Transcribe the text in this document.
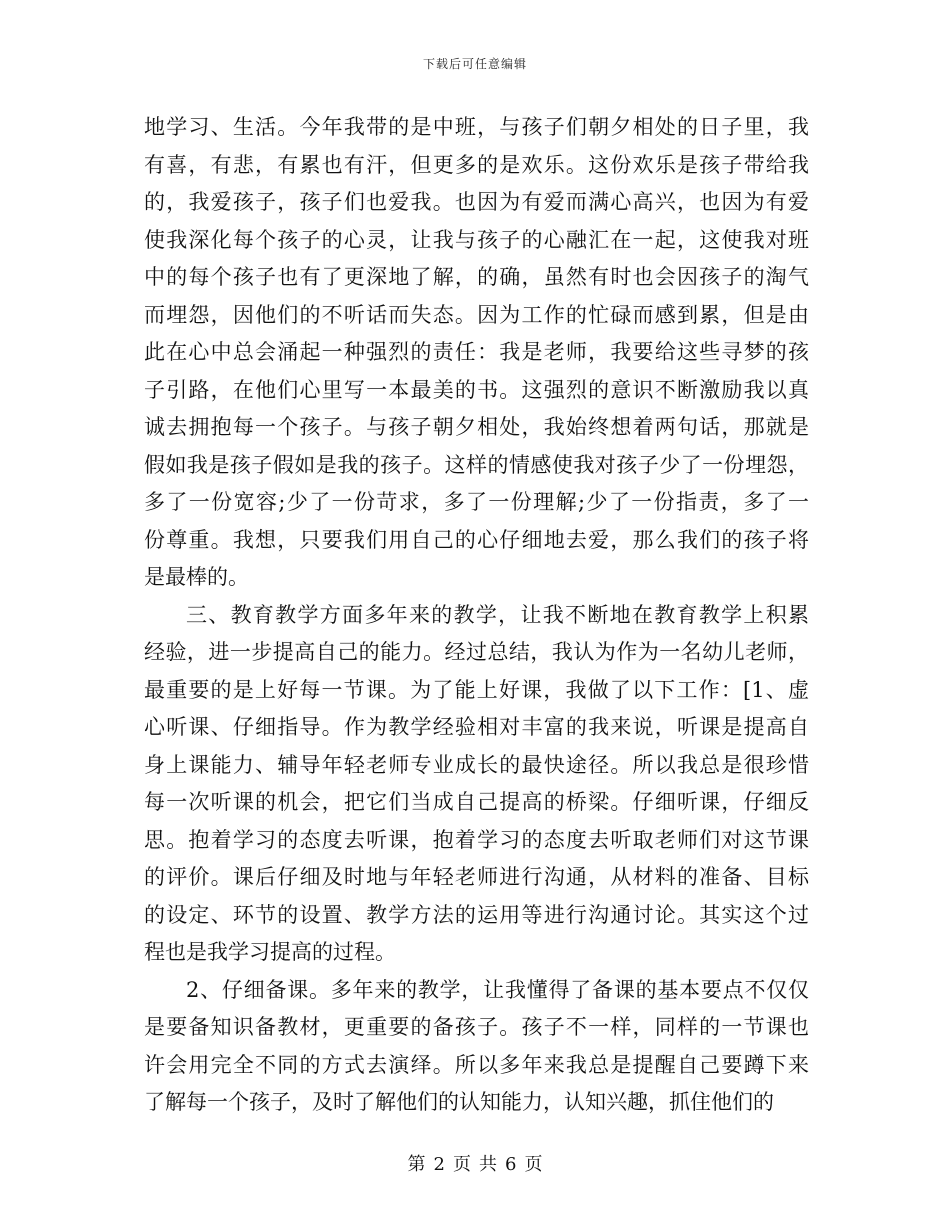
下载后可任意编辑
地学习、生活。今年我带的是中班，与孩子们朝夕相处的日子里，我
有喜，有悲，有累也有汗，但更多的是欢乐。这份欢乐是孩子带给我
的，我爱孩子，孩子们也爱我。也因为有爱而满心高兴，也因为有爱
使我深化每个孩子的心灵，让我与孩子的心融汇在一起，这使我对班
中的每个孩子也有了更深地了解，的确，虽然有时也会因孩子的淘气
而埋怨，因他们的不听话而失态。因为工作的忙碌而感到累，但是由
此在心中总会涌起一种强烈的责任：我是老师，我要给这些寻梦的孩
子引路，在他们心里写一本最美的书。这强烈的意识不断激励我以真
诚去拥抱每一个孩子。与孩子朝夕相处，我始终想着两句话，那就是
假如我是孩子假如是我的孩子。这样的情感使我对孩子少了一份埋怨，
多了一份宽容;少了一份苛求，多了一份理解;少了一份指责，多了一
份尊重。我想，只要我们用自己的心仔细地去爱，那么我们的孩子将
是最棒的。
三、教育教学方面多年来的教学，让我不断地在教育教学上积累
经验，进一步提高自己的能力。经过总结，我认为作为一名幼儿老师，
最重要的是上好每一节课。为了能上好课，我做了以下工作：[1、虚
心听课、仔细指导。作为教学经验相对丰富的我来说，听课是提高自
身上课能力、辅导年轻老师专业成长的最快途径。所以我总是很珍惜
每一次听课的机会，把它们当成自己提高的桥梁。仔细听课，仔细反
思。抱着学习的态度去听课，抱着学习的态度去听取老师们对这节课
的评价。课后仔细及时地与年轻老师进行沟通，从材料的准备、目标
的设定、环节的设置、教学方法的运用等进行沟通讨论。其实这个过
程也是我学习提高的过程。
2、仔细备课。多年来的教学，让我懂得了备课的基本要点不仅仅
是要备知识备教材，更重要的备孩子。孩子不一样，同样的一节课也
许会用完全不同的方式去演绎。所以多年来我总是提醒自己要蹲下来
了解每一个孩子，及时了解他们的认知能力，认知兴趣，抓住他们的
第 2 页 共 6 页
